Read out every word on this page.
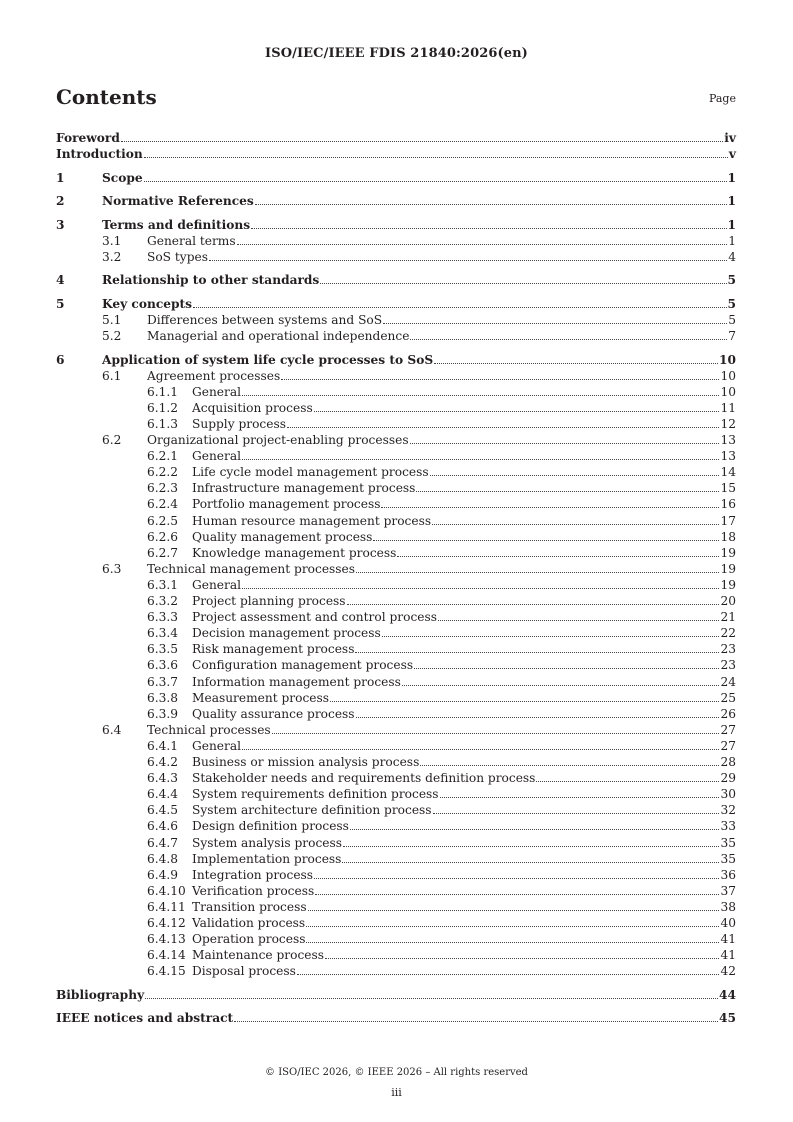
ISO/IEC/IEEE FDIS 21840:2026(en)
Contents	Page
Foreword	iv
Introduction	v
1	Scope	1
2	Normative References	1
3	Terms and definitions	1
3.1	General terms	1
3.2	SoS types	4
4	Relationship to other standards	5
5	Key concepts	5
5.1	Differences between systems and SoS	5
5.2	Managerial and operational independence	7
6	Application of system life cycle processes to SoS	10
6.1	Agreement processes	10
6.1.1	General	10
6.1.2	Acquisition process	11
6.1.3	Supply process	12
6.2	Organizational project-enabling processes	13
6.2.1	General	13
6.2.2	Life cycle model management process	14
6.2.3	Infrastructure management process	15
6.2.4	Portfolio management process	16
6.2.5	Human resource management process	17
6.2.6	Quality management process	18
6.2.7	Knowledge management process	19
6.3	Technical management processes	19
6.3.1	General	19
6.3.2	Project planning process	20
6.3.3	Project assessment and control process	21
6.3.4	Decision management process	22
6.3.5	Risk management process	23
6.3.6	Configuration management process	23
6.3.7	Information management process	24
6.3.8	Measurement process	25
6.3.9	Quality assurance process	26
6.4	Technical processes	27
6.4.1	General	27
6.4.2	Business or mission analysis process	28
6.4.3	Stakeholder needs and requirements definition process	29
6.4.4	System requirements definition process	30
6.4.5	System architecture definition process	32
6.4.6	Design definition process	33
6.4.7	System analysis process	35
6.4.8	Implementation process	35
6.4.9	Integration process	36
6.4.10 Verification process	37
6.4.11 Transition process	38
6.4.12 Validation process	40
6.4.13 Operation process	41
6.4.14 Maintenance process	41
6.4.15 Disposal process	42
Bibliography	44
IEEE notices and abstract	45
© ISO/IEC 2026, © IEEE 2026 – All rights reserved
iii
